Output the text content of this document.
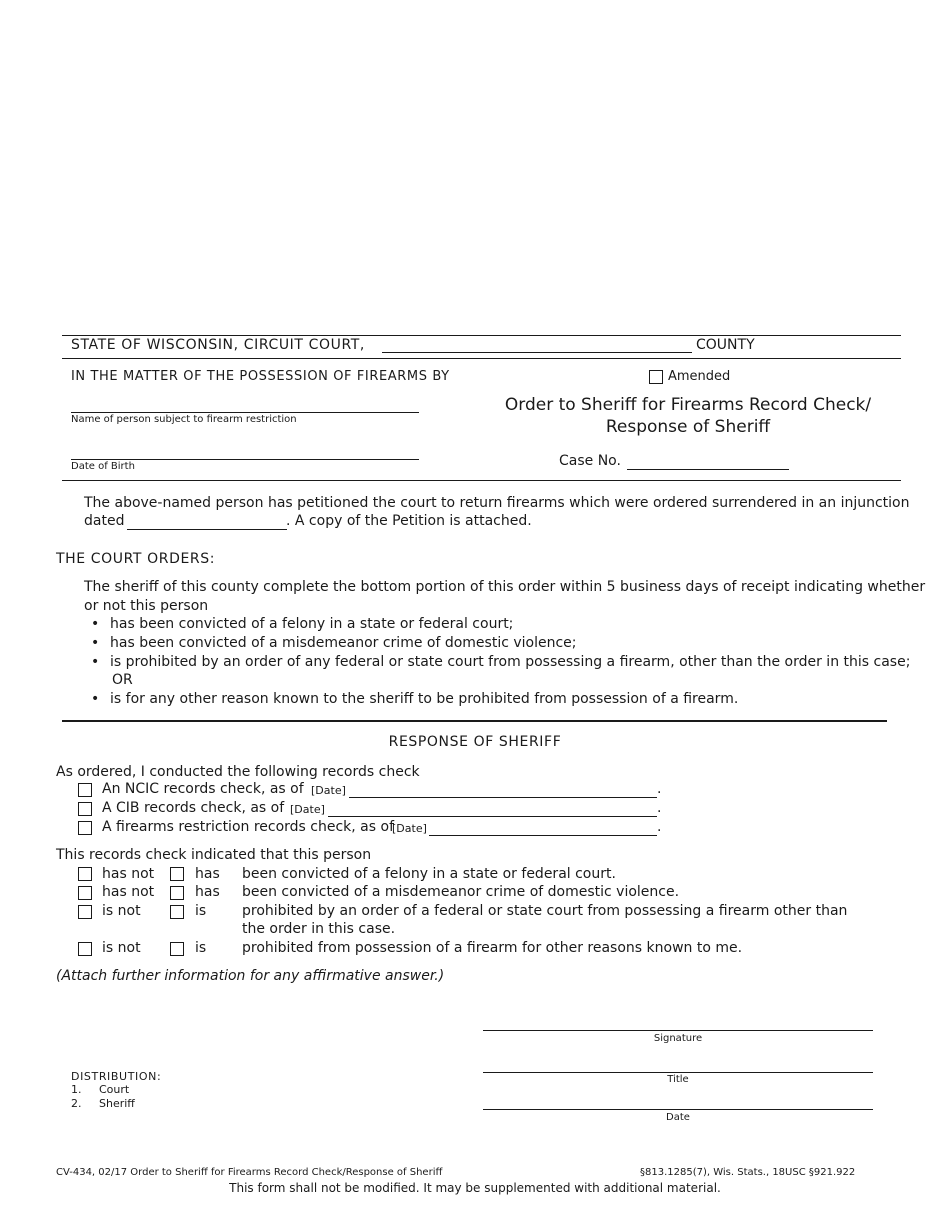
STATE OF WISCONSIN, CIRCUIT COURT,	COUNTY
IN THE MATTER OF THE POSSESSION OF FIREARMS BY	Amended
Name of person subject to firearm restriction
Order to Sheriff for Firearms Record Check/
Response of Sheriff
Date of Birth	Case No.
The above-named person has petitioned the court to return firearms which were ordered surrendered in an injunction
dated	. A copy of the Petition is attached.
THE COURT ORDERS:
The sheriff of this county complete the bottom portion of this order within 5 business days of receipt indicating whether
or not this person
• has been convicted of a felony in a state or federal court;
• has been convicted of a misdemeanor crime of domestic violence;
• is prohibited by an order of any federal or state court from possessing a firearm, other than the order in this case;
OR
• is for any other reason known to the sheriff to be prohibited from possession of a firearm.
RESPONSE OF SHERIFF
As ordered, I conducted the following records check
An NCIC records check, as of [Date]	.
A CIB records check, as of [Date]	.
A firearms restriction records check, as of
[Date]	.
This records check indicated that this person
has not	has been convicted of a felony in a state or federal court.
has not	has been convicted of a misdemeanor crime of domestic violence.
is not	is	prohibited by an order of a federal or state court from possessing a firearm other than
the order in this case.
is not	is	prohibited from possession of a firearm for other reasons known to me.
(Attach further information for any affirmative answer.)
Signature
Title
Date
DISTRIBUTION:
1. Court
2. Sheriff
CV-434, 02/17 Order to Sheriff for Firearms Record Check/Response of Sheriff	§813.1285(7), Wis. Stats., 18USC §921.922
This form shall not be modified. It may be supplemented with additional material.
